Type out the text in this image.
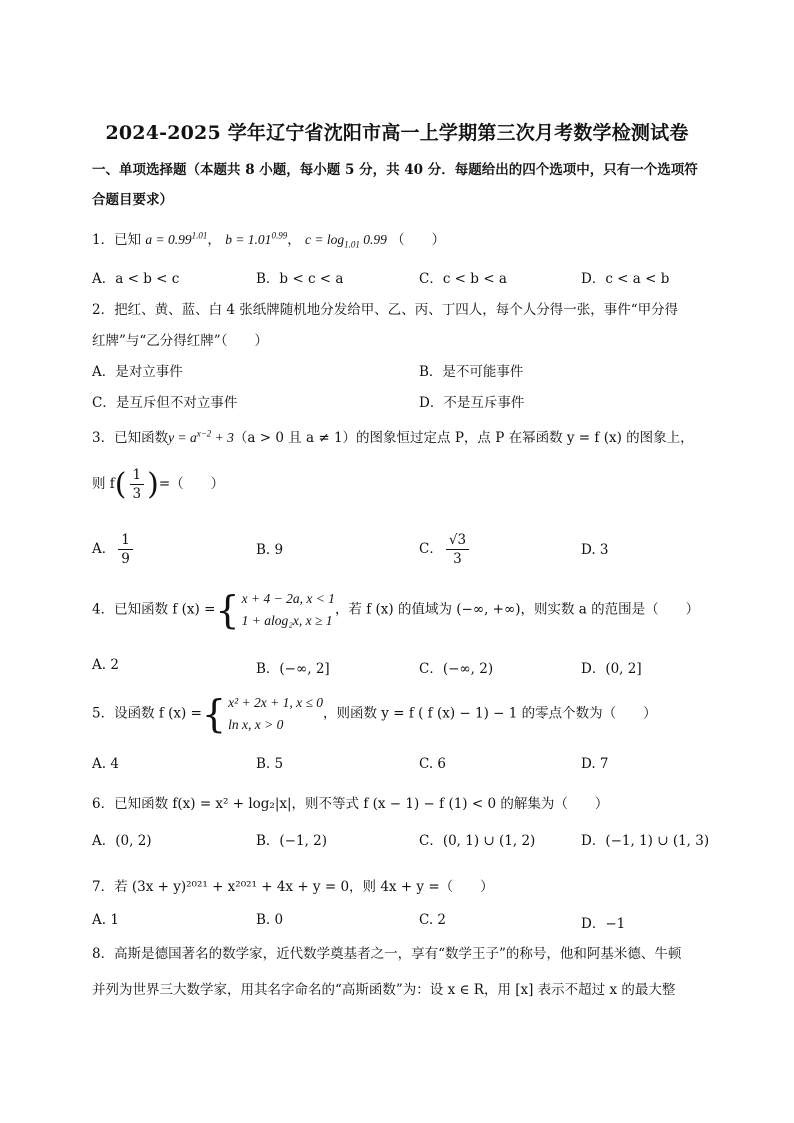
2024-2025 学年辽宁省沈阳市高一上学期第三次月考数学检测试卷
一、单项选择题（本题共 8 小题，每小题 5 分，共 40 分．每题给出的四个选项中，只有一个选项符合题目要求）
1．已知 $a = 0.99^{1.01}$， $b = 1.01^{0.99}$， $c = \log_{1.01} 0.99$ （　　）
A．a < b < c	B．b < c < a	C．c < b < a	D．c < a < b
2．把红、黄、蓝、白 4 张纸牌随机地分发给甲、乙、丙、丁四人，每个人分得一张，事件“甲分得
红牌”与“乙分得红牌”（　　）
A．是对立事件	B．是不可能事件
C．是互斥但不对立事件	D．不是互斥事件
3．已知函数$y = a^{x-2} + 3(a > 0$ 且 a ≠ 1）的图象恒过定点 P，点 P 在幂函数 y = f (x) 的图象上，
则 $f( \frac{1}{3}$ )=（　　）
A． $\frac{1}{9}$	B. 9	C． $\frac{√3}{3}$	D. 3
4．已知函数 f (x) = { x + 4 − 2a, x < 1
1 + alog₂x, x ≥ 1
，若 f (x) 的值域为 (−∞, +∞)，则实数 a 的范围是（　　）
A. 2	B．(−∞, 2]	C．(−∞, 2)	D．(0, 2]
5．设函数 f (x) = { x² + 2x + 1, x ≤ 0
ln x, x > 0
，则函数 y = f ( f (x) − 1) − 1 的零点个数为（　　）
A. 4	B. 5	C. 6	D. 7
6．已知函数 f(x) = x² + log₂|x|，则不等式 f (x − 1) − f (1) < 0 的解集为（　　）
A．(0, 2)	B．(−1, 2)	C．(0, 1) ∪ (1, 2)	D．(−1, 1) ∪ (1, 3)
7．若 (3x + y)²⁰²¹ + x²⁰²¹ + 4x + y = 0，则 4x + y =（　　）
A. 1	B. 0	C. 2	D．−1
8．高斯是德国著名的数学家，近代数学奠基者之一，享有“数学王子”的称号，他和阿基米德、牛顿
并列为世界三大数学家，用其名字命名的“高斯函数”为：设 x ∈ R，用 [x] 表示不超过 x 的最大整
